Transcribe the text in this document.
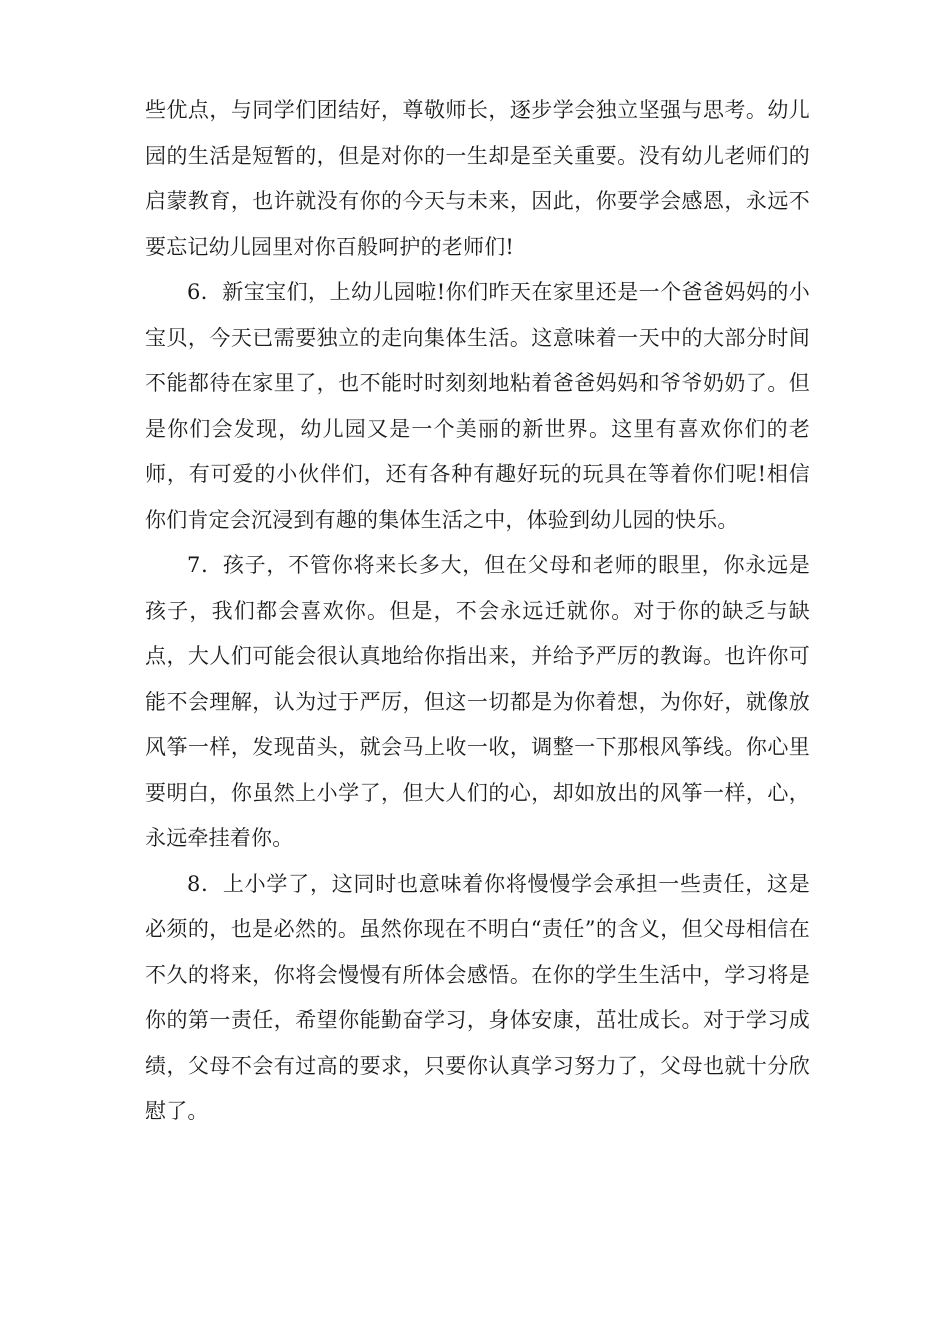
些优点，与同学们团结好，尊敬师长，逐步学会独立坚强与思考。幼儿园的生活是短暂的，但是对你的一生却是至关重要。没有幼儿老师们的启蒙教育，也许就没有你的今天与未来，因此，你要学会感恩，永远不要忘记幼儿园里对你百般呵护的老师们!

6．新宝宝们，上幼儿园啦!你们昨天在家里还是一个爸爸妈妈的小宝贝，今天已需要独立的走向集体生活。这意味着一天中的大部分时间不能都待在家里了，也不能时时刻刻地粘着爸爸妈妈和爷爷奶奶了。但是你们会发现，幼儿园又是一个美丽的新世界。这里有喜欢你们的老师，有可爱的小伙伴们，还有各种有趣好玩的玩具在等着你们呢!相信你们肯定会沉浸到有趣的集体生活之中，体验到幼儿园的快乐。

7．孩子，不管你将来长多大，但在父母和老师的眼里，你永远是孩子，我们都会喜欢你。但是，不会永远迁就你。对于你的缺乏与缺点，大人们可能会很认真地给你指出来，并给予严厉的教诲。也许你可能不会理解，认为过于严厉，但这一切都是为你着想，为你好，就像放风筝一样，发现苗头，就会马上收一收，调整一下那根风筝线。你心里要明白，你虽然上小学了，但大人们的心，却如放出的风筝一样，心，永远牵挂着你。

8．上小学了，这同时也意味着你将慢慢学会承担一些责任，这是必须的，也是必然的。虽然你现在不明白“责任”的含义，但父母相信在不久的将来，你将会慢慢有所体会感悟。在你的学生生活中，学习将是你的第一责任，希望你能勤奋学习，身体安康，茁壮成长。对于学习成绩，父母不会有过高的要求，只要你认真学习努力了，父母也就十分欣慰了。
